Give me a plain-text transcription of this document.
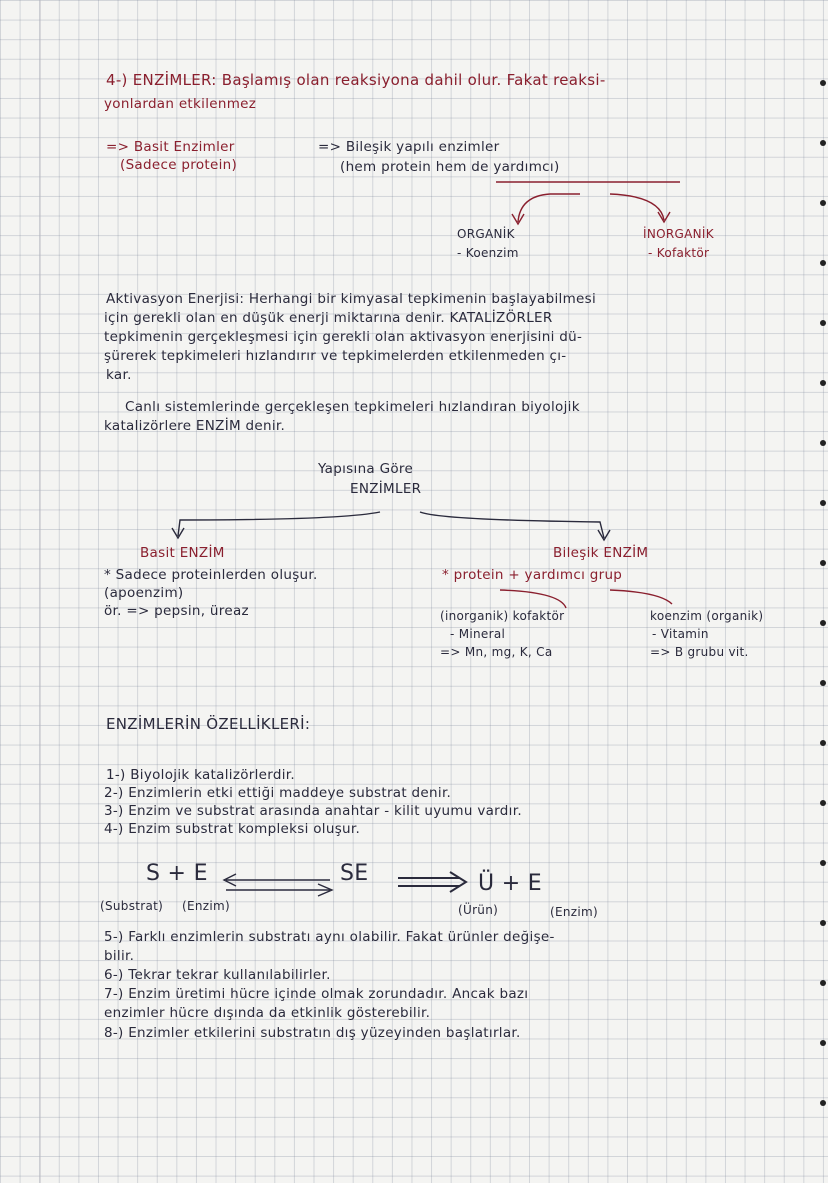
4-) ENZİMLER: Başlamış olan reaksiyona dahil olur. Fakat reaksi-
yonlardan etkilenmez
=> Basit Enzimler
(Sadece protein)
=> Bileşik yapılı enzimler
(hem protein hem de yardımcı)
ORGANİK
- Koenzim
İNORGANİK
- Kofaktör
Aktivasyon Enerjisi: Herhangi bir kimyasal tepkimenin başlayabilmesi
için gerekli olan en düşük enerji miktarına denir. KATALİZÖRLER
tepkimenin gerçekleşmesi için gerekli olan aktivasyon enerjisini dü-
şürerek tepkimeleri hızlandırır ve tepkimelerden etkilenmeden çı-
kar.
Canlı sistemlerinde gerçekleşen tepkimeleri hızlandıran biyolojik
katalizörlere ENZİM denir.
Yapısına Göre
ENZİMLER
Basit ENZİM
* Sadece proteinlerden oluşur.
(apoenzim)
ör. => pepsin, üreaz
Bileşik ENZİM
* protein + yardımcı grup
(inorganik) kofaktör
- Mineral
=> Mn, mg, K, Ca
koenzim (organik)
- Vitamin
=> B grubu vit.
ENZİMLERİN ÖZELLİKLERİ:
1-) Biyolojik katalizörlerdir.
2-) Enzimlerin etki ettiği maddeye substrat denir.
3-) Enzim ve substrat arasında anahtar - kilit uyumu vardır.
4-) Enzim substrat kompleksi oluşur.
S + E	SE	Ü + E
(Substrat) (Enzim)	(Ürün)	(Enzim)
5-) Farklı enzimlerin substratı aynı olabilir. Fakat ürünler değişe-
bilir.
6-) Tekrar tekrar kullanılabilirler.
7-) Enzim üretimi hücre içinde olmak zorundadır. Ancak bazı
enzimler hücre dışında da etkinlik gösterebilir.
8-) Enzimler etkilerini substratın dış yüzeyinden başlatırlar.
